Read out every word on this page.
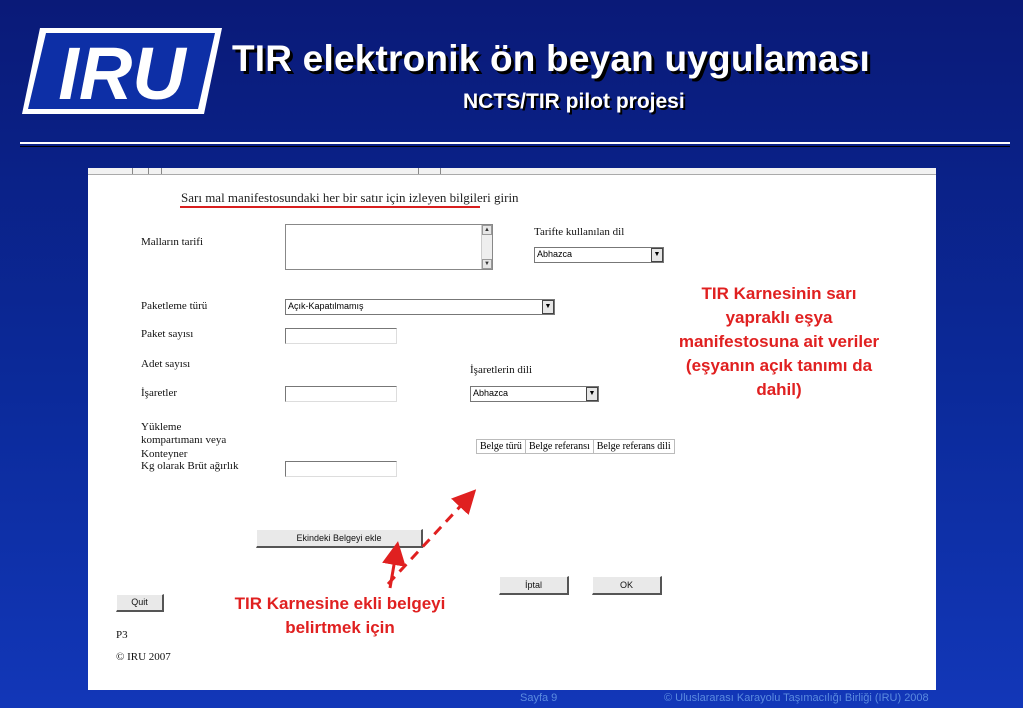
IRU TIR elektronik ön beyan uygulaması
NCTS/TIR pilot projesi
Sarı mal manifestosundaki her bir satır için izleyen bilgileri girin
Malların tarifi
▲
▼
Tarifte kullanılan dil
Abhazca	▼
Paketleme türü	Açık-Kapatılmamış	▼
Paket sayısı
Adet sayısı	İşaretlerin dili
İşaretler	Abhazca	▼
Yükleme
kompartımanı veya
Konteyner
Kg olarak Brüt ağırlık
Belge türü	Belge referansı	Belge referans dili
Ekindeki Belgeyi ekle
İptal	OK
Quit
P3
© IRU 2007
TIR Karnesinin sarı yapraklı eşya manifestosuna ait veriler (eşyanın açık tanımı da dahil)
TIR Karnesine ekli belgeyi belirtmek için
Sayfa 9	© Uluslararası Karayolu Taşımacılığı Birliği (IRU) 2008
